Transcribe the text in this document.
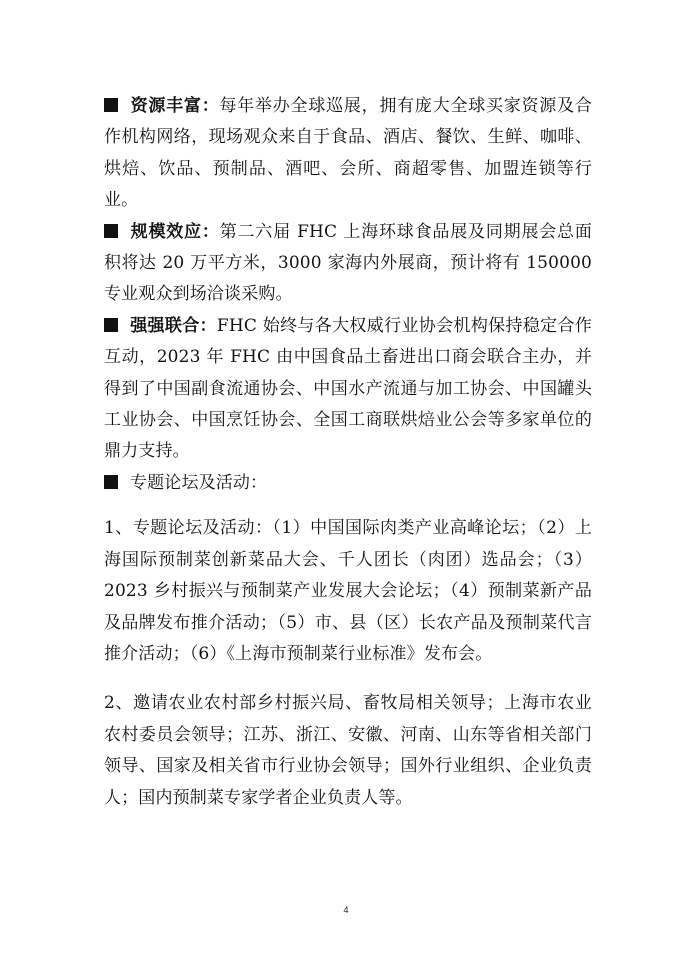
资源丰富：每年举办全球巡展，拥有庞大全球买家资源及合作机构网络，现场观众来自于食品、酒店、餐饮、生鲜、咖啡、烘焙、饮品、预制品、酒吧、会所、商超零售、加盟连锁等行业。

规模效应：第二六届 FHC 上海环球食品展及同期展会总面积将达 20 万平方米，3000 家海内外展商，预计将有 150000 专业观众到场洽谈采购。

强强联合：FHC 始终与各大权威行业协会机构保持稳定合作互动，2023 年 FHC 由中国食品土畜进出口商会联合主办，并得到了中国副食流通协会、中国水产流通与加工协会、中国罐头工业协会、中国烹饪协会、全国工商联烘焙业公会等多家单位的鼎力支持。

专题论坛及活动：

1、专题论坛及活动：（1）中国国际肉类产业高峰论坛；（2）上海国际预制菜创新菜品大会、千人团长（肉团）选品会；（3）2023 乡村振兴与预制菜产业发展大会论坛；（4）预制菜新产品及品牌发布推介活动；（5）市、县（区）长农产品及预制菜代言推介活动；（6）《上海市预制菜行业标准》发布会。

2、邀请农业农村部乡村振兴局、畜牧局相关领导；上海市农业农村委员会领导；江苏、浙江、安徽、河南、山东等省相关部门领导、国家及相关省市行业协会领导；国外行业组织、企业负责人；国内预制菜专家学者企业负责人等。

4
